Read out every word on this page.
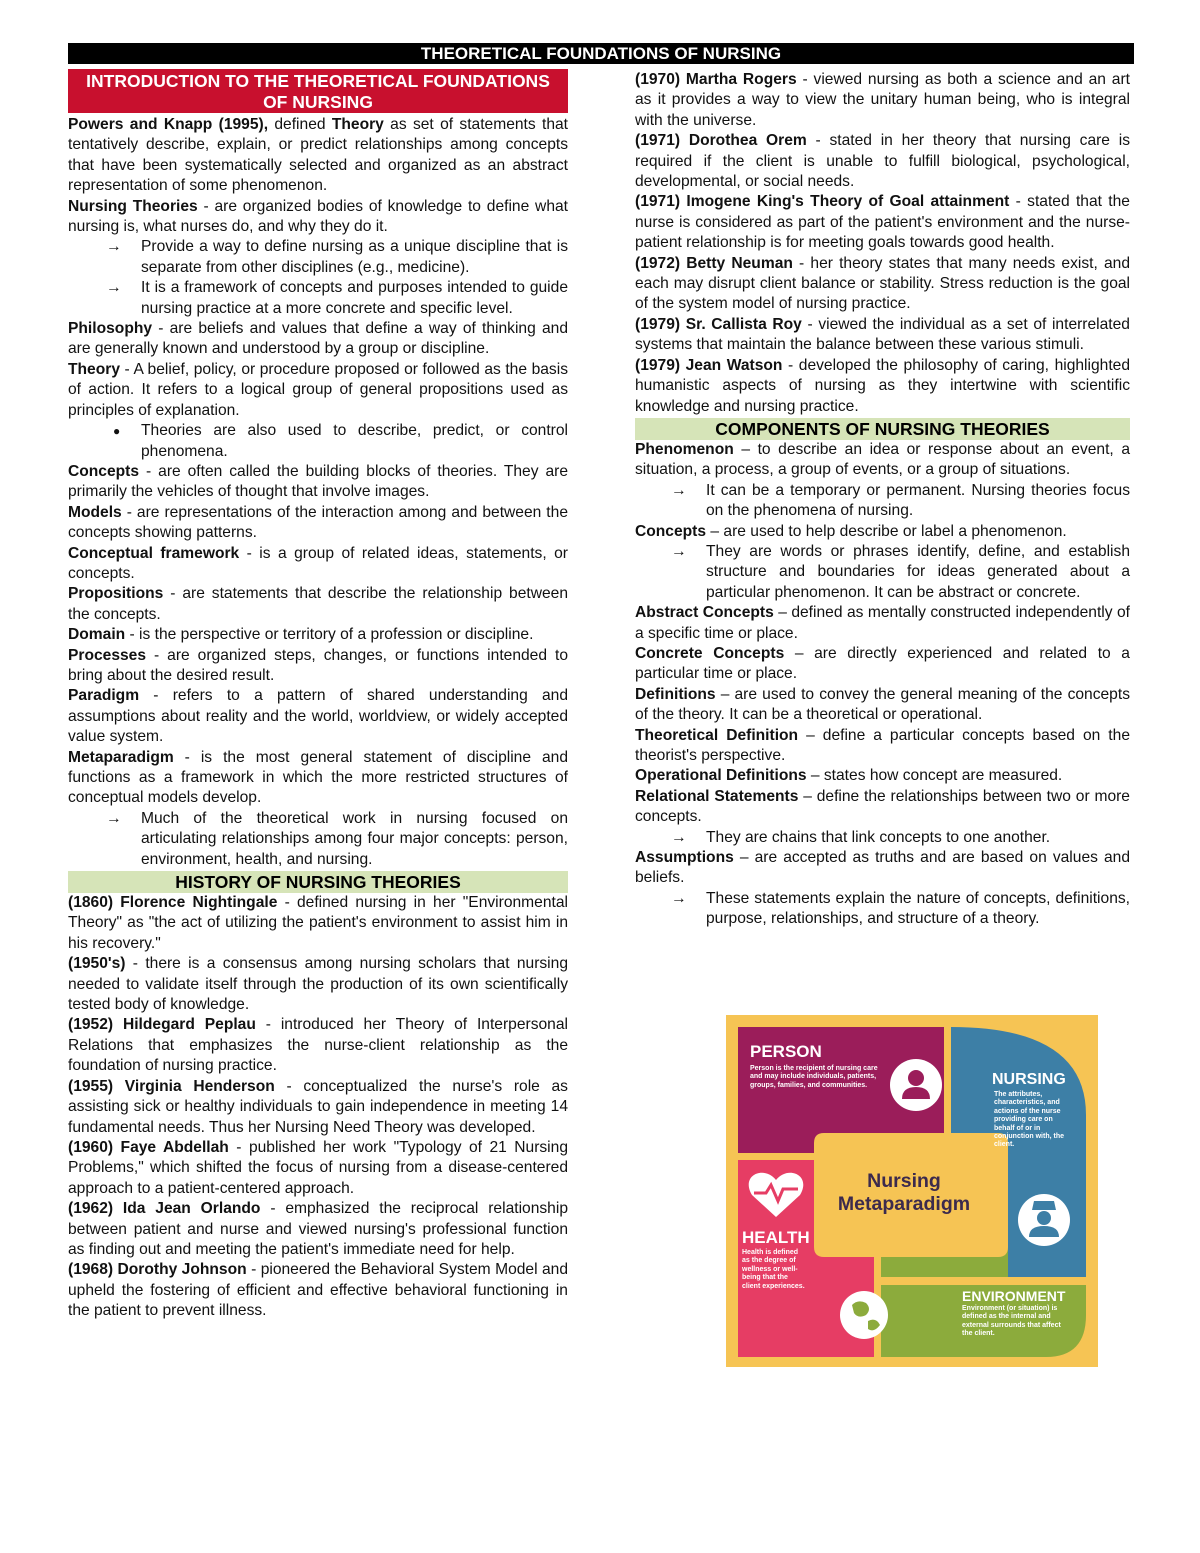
THEORETICAL FOUNDATIONS OF NURSING
INTRODUCTION TO THE THEORETICAL FOUNDATIONS OF NURSING

Powers and Knapp (1995), defined Theory as set of statements that tentatively describe, explain, or predict relationships among concepts that have been systematically selected and organized as an abstract representation of some phenomenon.

Nursing Theories - are organized bodies of knowledge to define what nursing is, what nurses do, and why they do it.

→	Provide a way to define nursing as a unique discipline that is separate from other disciplines (e.g., medicine).
→	It is a framework of concepts and purposes intended to guide nursing practice at a more concrete and specific level.

Philosophy - are beliefs and values that define a way of thinking and are generally known and understood by a group or discipline.

Theory - A belief, policy, or procedure proposed or followed as the basis of action. It refers to a logical group of general propositions used as principles of explanation.

●	Theories are also used to describe, predict, or control phenomena.

Concepts - are often called the building blocks of theories. They are primarily the vehicles of thought that involve images.

Models - are representations of the interaction among and between the concepts showing patterns.

Conceptual framework - is a group of related ideas, statements, or concepts.

Propositions - are statements that describe the relationship between the concepts.

Domain - is the perspective or territory of a profession or discipline.

Processes - are organized steps, changes, or functions intended to bring about the desired result.

Paradigm - refers to a pattern of shared understanding and assumptions about reality and the world, worldview, or widely accepted value system.

Metaparadigm - is the most general statement of discipline and functions as a framework in which the more restricted structures of conceptual models develop.

→	Much of the theoretical work in nursing focused on articulating relationships among four major concepts: person, environment, health, and nursing.
HISTORY OF NURSING THEORIES

(1860) Florence Nightingale - defined nursing in her "Environmental Theory" as "the act of utilizing the patient's environment to assist him in his recovery."

(1950's) - there is a consensus among nursing scholars that nursing needed to validate itself through the production of its own scientifically tested body of knowledge.

(1952) Hildegard Peplau - introduced her Theory of Interpersonal Relations that emphasizes the nurse-client relationship as the foundation of nursing practice.

(1955) Virginia Henderson - conceptualized the nurse's role as assisting sick or healthy individuals to gain independence in meeting 14 fundamental needs. Thus her Nursing Need Theory was developed.

(1960) Faye Abdellah - published her work "Typology of 21 Nursing Problems," which shifted the focus of nursing from a disease-centered approach to a patient-centered approach.

(1962) Ida Jean Orlando - emphasized the reciprocal relationship between patient and nurse and viewed nursing's professional function as finding out and meeting the patient's immediate need for help.

(1968) Dorothy Johnson - pioneered the Behavioral System Model and upheld the fostering of efficient and effective behavioral functioning in the patient to prevent illness.

(1970) Martha Rogers - viewed nursing as both a science and an art as it provides a way to view the unitary human being, who is integral with the universe.

(1971) Dorothea Orem - stated in her theory that nursing care is required if the client is unable to fulfill biological, psychological, developmental, or social needs.

(1971) Imogene King's Theory of Goal attainment - stated that the nurse is considered as part of the patient's environment and the nurse-patient relationship is for meeting goals towards good health.

(1972) Betty Neuman - her theory states that many needs exist, and each may disrupt client balance or stability. Stress reduction is the goal of the system model of nursing practice.

(1979) Sr. Callista Roy - viewed the individual as a set of interrelated systems that maintain the balance between these various stimuli.

(1979) Jean Watson - developed the philosophy of caring, highlighted humanistic aspects of nursing as they intertwine with scientific knowledge and nursing practice.

COMPONENTS OF NURSING THEORIES

Phenomenon – to describe an idea or response about an event, a situation, a process, a group of events, or a group of situations.

→	It can be a temporary or permanent. Nursing theories focus on the phenomena of nursing.

Concepts – are used to help describe or label a phenomenon.

→	They are words or phrases identify, define, and establish structure and boundaries for ideas generated about a particular phenomenon. It can be abstract or concrete.

Abstract Concepts – defined as mentally constructed independently of a specific time or place.

Concrete Concepts – are directly experienced and related to a particular time or place.

Definitions – are used to convey the general meaning of the concepts of the theory. It can be a theoretical or operational.

Theoretical Definition – define a particular concepts based on the theorist's perspective.

Operational Definitions – states how concept are measured.

Relational Statements – define the relationships between two or more concepts.

→	They are chains that link concepts to one another.

Assumptions – are accepted as truths and are based on values and beliefs.

→	These statements explain the nature of concepts, definitions, purpose, relationships, and structure of a theory.
PERSON
Person is the recipient of nursing care and may include individuals, patients, groups, families, and communities.	NURSING
The attributes, characteristics, and actions of the nurse providing care on behalf of or in conjunction with, the client.
HEALTH
Health is defined as the degree of wellness or well-being that the client experiences.
ENVIRONMENT
Environment (or situation) is defined as the internal and external surrounds that affect the client.
Nursing
Metaparadigm
